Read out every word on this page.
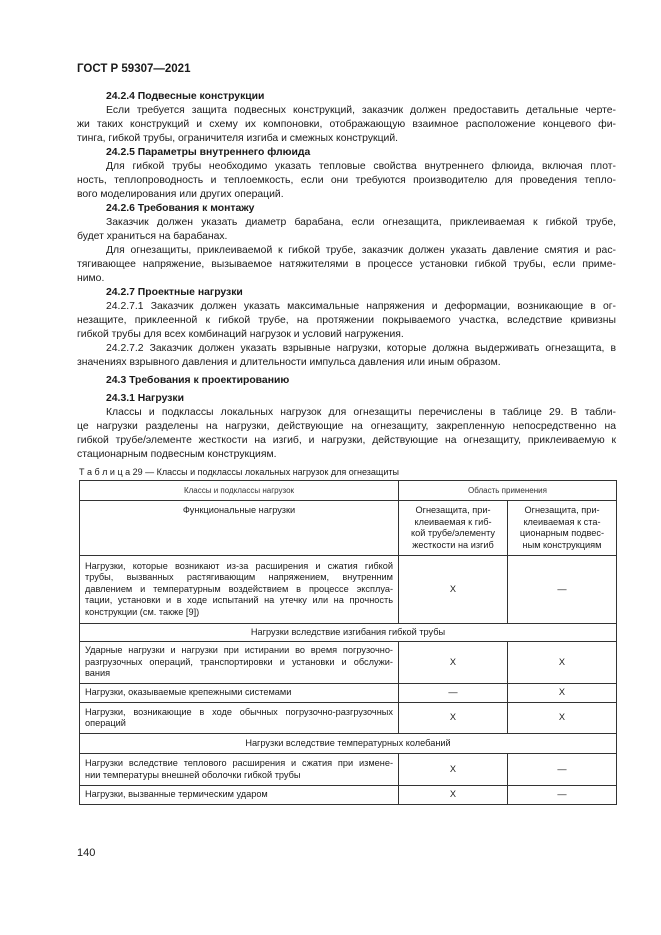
ГОСТ Р 59307—2021
24.2.4 Подвесные конструкции
Если требуется защита подвесных конструкций, заказчик должен предоставить детальные черте-
жи таких конструкций и схему их компоновки, отображающую взаимное расположение концевого фи-
тинга, гибкой трубы, ограничителя изгиба и смежных конструкций.
24.2.5 Параметры внутреннего флюида
Для гибкой трубы необходимо указать тепловые свойства внутреннего флюида, включая плот-
ность, теплопроводность и теплоемкость, если они требуются производителю для проведения тепло-
вого моделирования или других операций.
24.2.6 Требования к монтажу
Заказчик должен указать диаметр барабана, если огнезащита, приклеиваемая к гибкой трубе,
будет храниться на барабанах.
Для огнезащиты, приклеиваемой к гибкой трубе, заказчик должен указать давление смятия и рас-
тягивающее напряжение, вызываемое натяжителями в процессе установки гибкой трубы, если приме-
нимо.
24.2.7 Проектные нагрузки
24.2.7.1 Заказчик должен указать максимальные напряжения и деформации, возникающие в ог-
незащите, приклеенной к гибкой трубе, на протяжении покрываемого участка, вследствие кривизны
гибкой трубы для всех комбинаций нагрузок и условий нагружения.
24.2.7.2 Заказчик должен указать взрывные нагрузки, которые должна выдерживать огнезащита, в
значениях взрывного давления и длительности импульса давления или иным образом.
24.3 Требования к проектированию
24.3.1 Нагрузки
Классы и подклассы локальных нагрузок для огнезащиты перечислены в таблице 29. В табли-
це нагрузки разделены на нагрузки, действующие на огнезащиту, закрепленную непосредственно на
гибкой трубе/элементе жесткости на изгиб, и нагрузки, действующие на огнезащиту, приклеиваемую к
стационарным подвесным конструкциям.
Т а б л и ц а 29 — Классы и подклассы локальных нагрузок для огнезащиты
Классы и подклассы нагрузок	Область применения	
Функциональные нагрузки	Огнезащита, при-
клеиваемая к гиб-
кой трубе/элементу
жесткости на изгиб	Огнезащита, при-
клеиваемая к ста-
ционарным подвес-
ным конструкциям

Нагрузки, которые возникают из-за расширения и сжатия гибкой
трубы, вызванных растягивающим напряжением, внутренним
давлением и температурным воздействием в процессе эксплуа-
тации, установки и в ходе испытаний на утечку или на прочность
конструкции (см. также [9])	X	—
Нагрузки вследствие изгибания гибкой трубы		

Ударные нагрузки и нагрузки при истирании во время погрузочно-
разгрузочных операций, транспортировки и установки и обслужи-
вания	X	X
Нагрузки, оказываемые крепежными системами	—	X

Нагрузки, возникающие в ходе обычных погрузочно-разгрузочных
операций	X	X
Нагрузки вследствие температурных колебаний		

Нагрузки вследствие теплового расширения и сжатия при измене-
нии температуры внешней оболочки гибкой трубы	X	—
Нагрузки, вызванные термическим ударом	X	—
140
